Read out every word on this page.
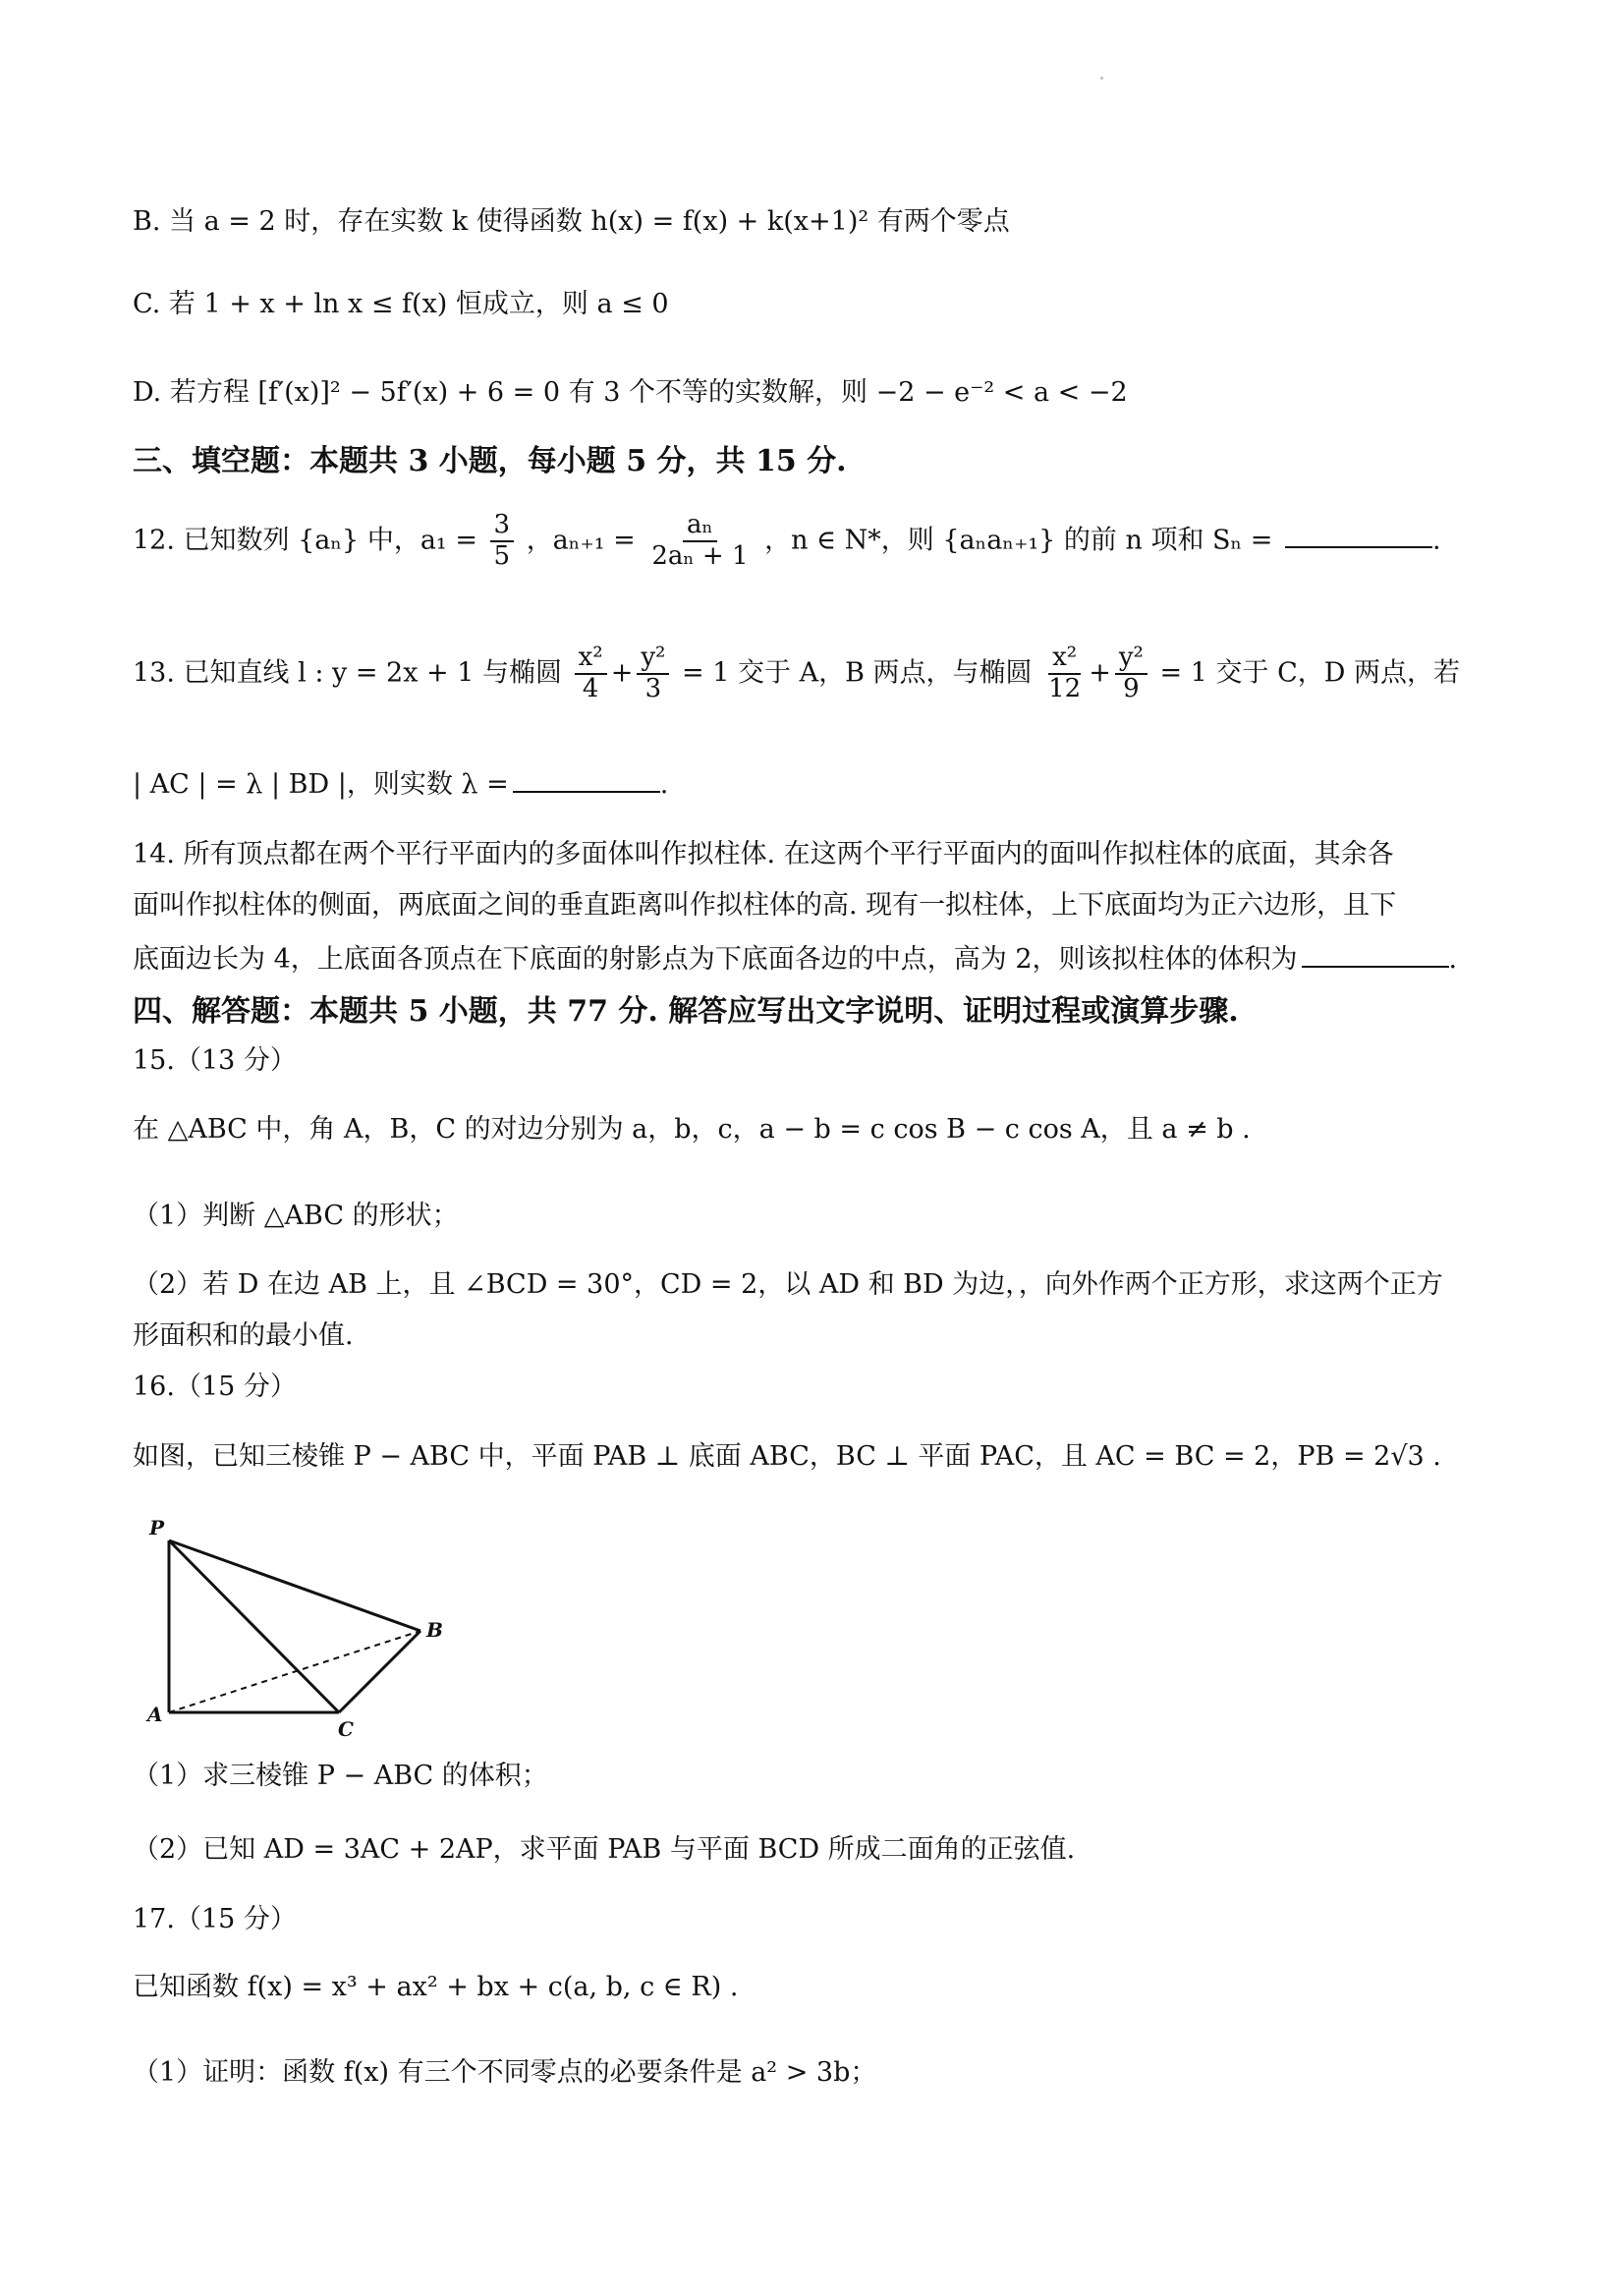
B. 当 a = 2 时，存在实数 k 使得函数 h(x) = f(x) + k(x+1)² 有两个零点
C. 若 1 + x + ln x ≤ f(x) 恒成立，则 a ≤ 0
D. 若方程 [f′(x)]² − 5f′(x) + 6 = 0 有 3 个不等的实数解，则 −2 − e⁻² < a < −2
三、填空题：本题共 3 小题，每小题 5 分，共 15 分.
12. 已知数列 {aₙ} 中，$a_1 = \frac{3}{5}$ ，$a_{n+1} = \frac{\text{aₙ}}{\text{2aₙ + 1}}$ ，n ∈ N*，则 {aₙaₙ₊₁} 的前 n 项和 Sₙ =	.
13. 已知直线 l : y = 2x + 1 与椭圆 $\frac{\text{x²}}{4} + \frac{\text{y²}}{3} = 1$ 交于 A，B 两点，与椭圆 $\frac{\text{x²}}{12} + \frac{\text{y²}}{9} = 1$ 交于 C，D 两点，若
| AC | = λ | BD |，则实数 λ =	.
14. 所有顶点都在两个平行平面内的多面体叫作拟柱体. 在这两个平行平面内的面叫作拟柱体的底面，其余各
面叫作拟柱体的侧面，两底面之间的垂直距离叫作拟柱体的高. 现有一拟柱体，上下底面均为正六边形，且下
底面边长为 4，上底面各顶点在下底面的射影点为下底面各边的中点，高为 2，则该拟柱体的体积为	.
四、解答题：本题共 5 小题，共 77 分. 解答应写出文字说明、证明过程或演算步骤.
15.（13 分）
在 △ABC 中，角 A，B，C 的对边分别为 a，b，c，a − b = c cos B − c cos A，且 a ≠ b .
（1）判断 △ABC 的形状；
（2）若 D 在边 AB 上，且 ∠BCD = 30°，CD = 2，以 AD 和 BD 为边，，向外作两个正方形，求这两个正方
形面积和的最小值.
16.（15 分）
如图，已知三棱锥 P − ABC 中，平面 PAB ⊥ 底面 ABC，BC ⊥ 平面 PAC，且 AC = BC = 2，PB = 2√3 .
P
B
A
C
（1）求三棱锥 P − ABC 的体积；
（2）已知 AD = 3AC + 2AP，求平面 PAB 与平面 BCD 所成二面角的正弦值.
17.（15 分）
已知函数 f(x) = x³ + ax² + bx + c(a, b, c ∈ R) .
（1）证明：函数 f(x) 有三个不同零点的必要条件是 a² > 3b；
